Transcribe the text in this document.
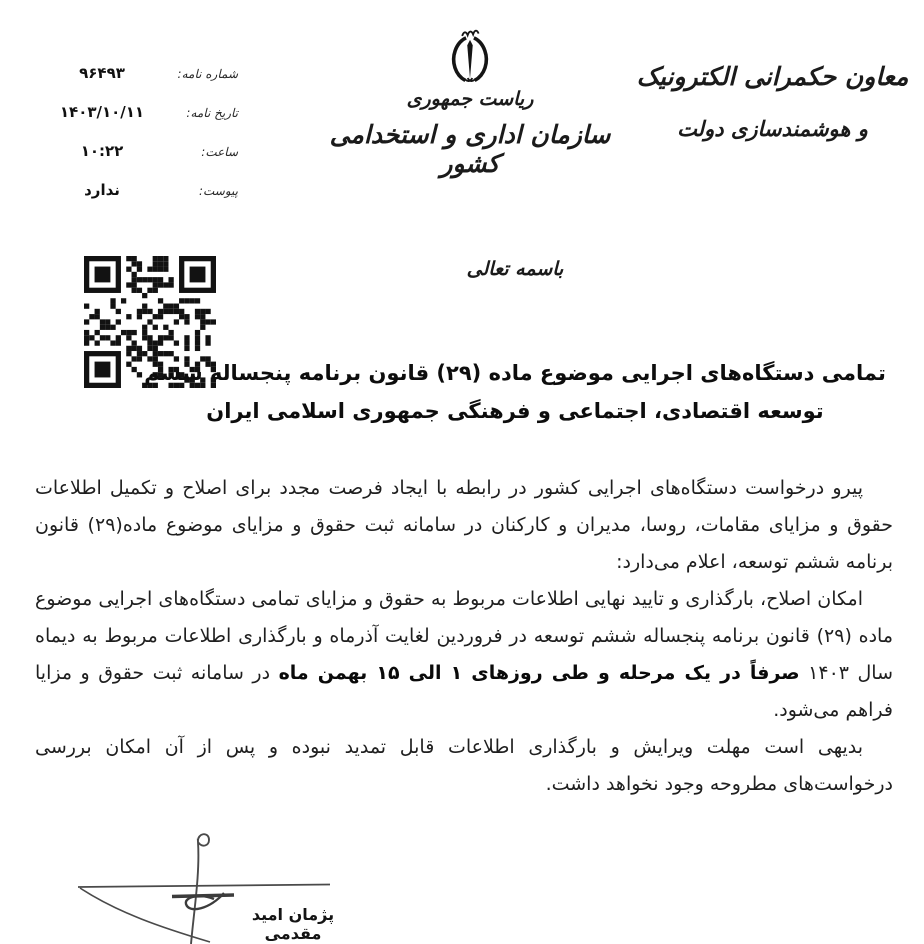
شماره نامه:
۹۶۴۹۳
تاریخ نامه:
۱۴۰۳/۱۰/۱۱
ساعت:
۱۰:۲۲
پیوست:
ندارد
ریاست جمهوری
سازمان اداری و استخدامی کشور
معاون حکمرانی الکترونیک
و هوشمندسازی دولت
باسمه تعالی
تمامی دستگاه‌های اجرایی موضوع ماده (۲۹) قانون برنامه پنجساله ششم
توسعه اقتصادی، اجتماعی و فرهنگی جمهوری اسلامی ایران

پیرو درخواست دستگاه‌های اجرایی کشور در رابطه با ایجاد فرصت مجدد برای اصلاح و تکمیل اطلاعات حقوق و مزایای مقامات، روسا، مدیران و کارکنان در سامانه ثبت حقوق و مزایای موضوع ماده(۲۹) قانون برنامه ششم توسعه، اعلام می‌دارد:

امکان اصلاح، بارگذاری و تایید نهایی اطلاعات مربوط به حقوق و مزایای تمامی دستگاه‌های اجرایی موضوع ماده (۲۹) قانون برنامه پنجساله ششم توسعه در فروردین لغایت آذرماه و بارگذاری اطلاعات مربوط به دیماه سال ۱۴۰۳ صرفاً در یک مرحله و طی روزهای ۱ الی ۱۵ بهمن ماه در سامانه ثبت حقوق و مزایا فراهم می‌شود.

بدیهی است مهلت ویرایش و بارگذاری اطلاعات قابل تمدید نبوده و پس از آن امکان بررسی درخواست‌های مطروحه وجود نخواهد داشت.

پژمان امید مقدمی
